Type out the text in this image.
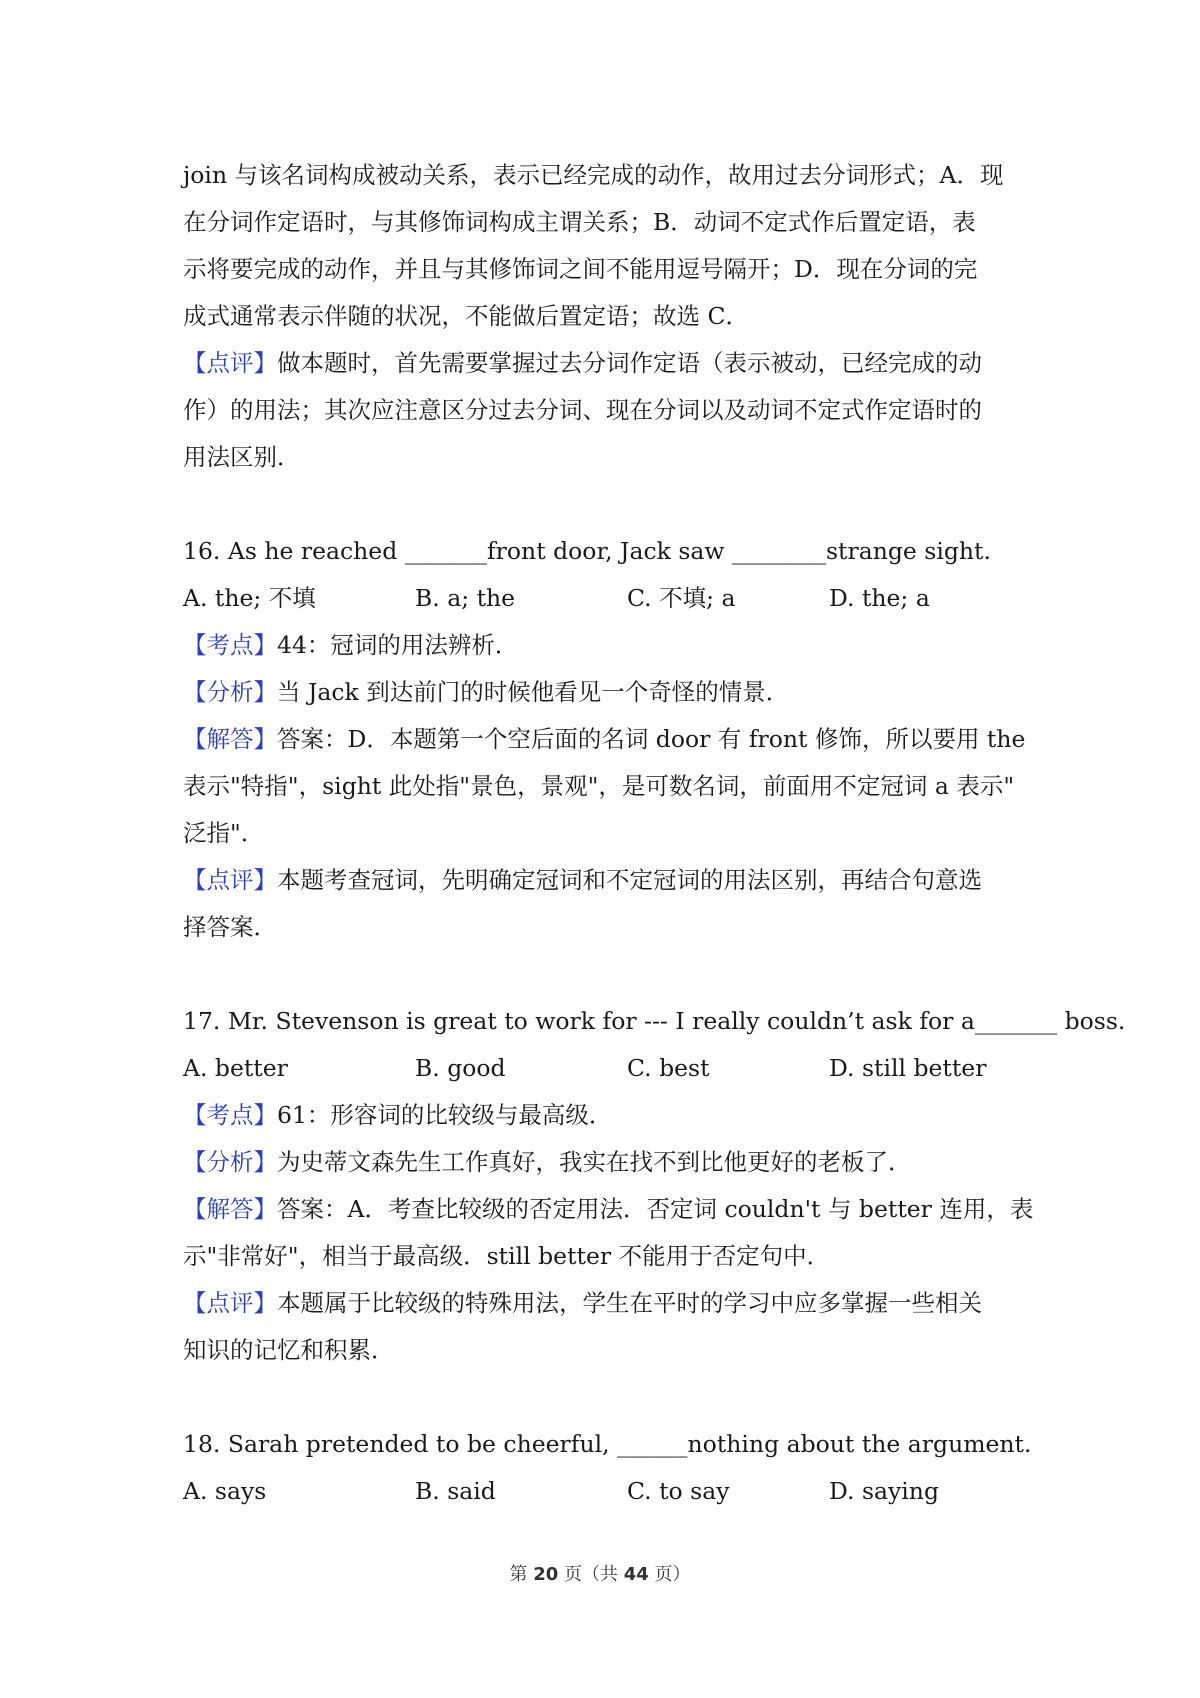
join 与该名词构成被动关系，表示已经完成的动作，故用过去分词形式；A．现
在分词作定语时，与其修饰词构成主谓关系；B．动词不定式作后置定语，表
示将要完成的动作，并且与其修饰词之间不能用逗号隔开；D．现在分词的完
成式通常表示伴随的状况，不能做后置定语；故选 C．
【点评】做本题时，首先需要掌握过去分词作定语（表示被动，已经完成的动
作）的用法；其次应注意区分过去分词、现在分词以及动词不定式作定语时的
用法区别．
16. As he reached _______front door, Jack saw ________strange sight.
A. the; 不填	B. a; the	C. 不填; a	D. the; a
【考点】44：冠词的用法辨析．
【分析】当 Jack 到达前门的时候他看见一个奇怪的情景．
【解答】答案：D．本题第一个空后面的名词 door 有 front 修饰，所以要用 the
表示"特指"，sight 此处指"景色，景观"，是可数名词，前面用不定冠词 a 表示"
泛指"．
【点评】本题考查冠词，先明确定冠词和不定冠词的用法区别，再结合句意选
择答案．
17. Mr. Stevenson is great to work for --- I really couldn’t ask for a_______ boss.
A. better	B. good	C. best	D. still better
【考点】61：形容词的比较级与最高级．
【分析】为史蒂文森先生工作真好，我实在找不到比他更好的老板了．
【解答】答案：A．考查比较级的否定用法．否定词 couldn't 与 better 连用，表
示"非常好"，相当于最高级．still better 不能用于否定句中．
【点评】本题属于比较级的特殊用法，学生在平时的学习中应多掌握一些相关
知识的记忆和积累．
18. Sarah pretended to be cheerful, ______nothing about the argument.
A. says	B. said	C. to say	D. saying
第 20 页（共 44 页）
